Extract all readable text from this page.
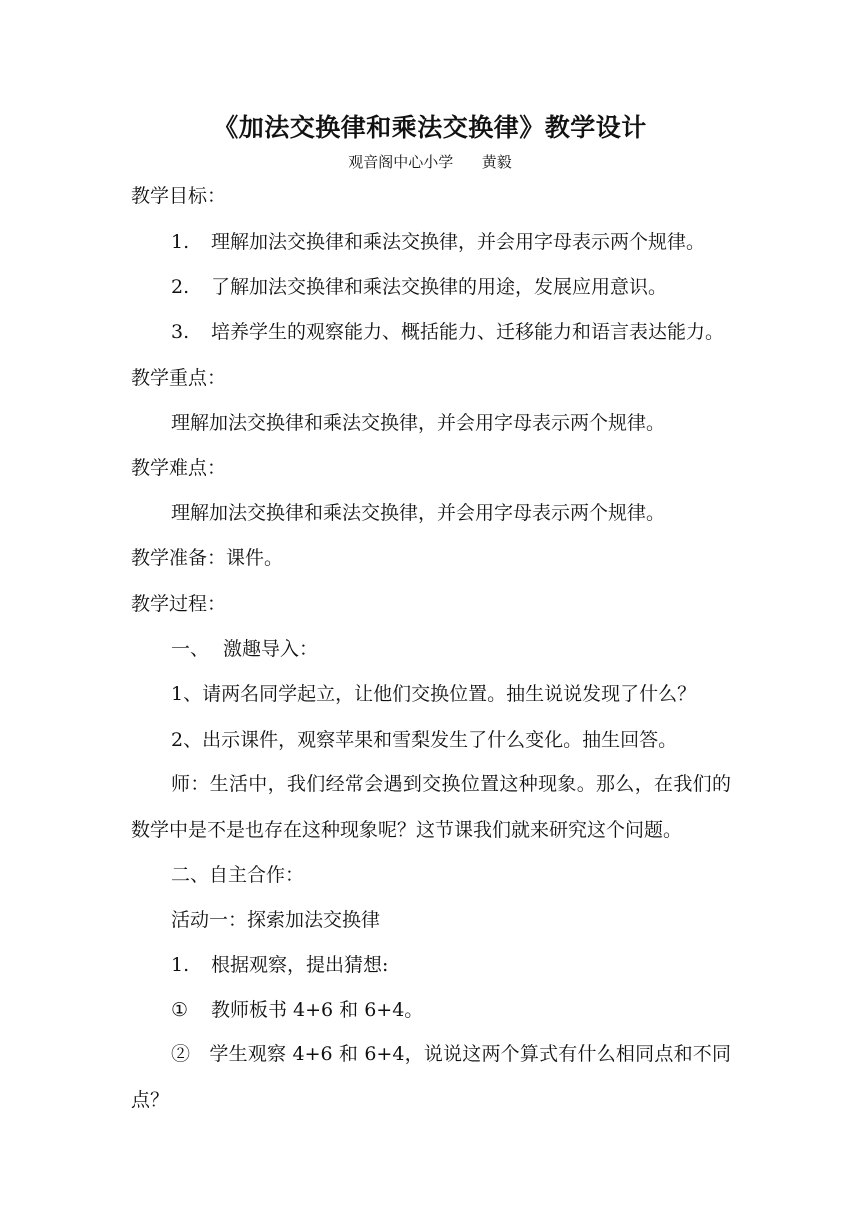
《加法交换律和乘法交换律》教学设计

观音阁中心小学      黄毅

教学目标：

1. 理解加法交换律和乘法交换律，并会用字母表示两个规律。

2. 了解加法交换律和乘法交换律的用途，发展应用意识。

3. 培养学生的观察能力、概括能力、迁移能力和语言表达能力。

教学重点：

理解加法交换律和乘法交换律，并会用字母表示两个规律。

教学难点：

理解加法交换律和乘法交换律，并会用字母表示两个规律。

教学准备：课件。

教学过程：

一、 激趣导入：

1、请两名同学起立，让他们交换位置。抽生说说发现了什么？

2、出示课件，观察苹果和雪梨发生了什么变化。抽生回答。

师：生活中，我们经常会遇到交换位置这种现象。那么，在我们的数学中是不是也存在这种现象呢？这节课我们就来研究这个问题。

二、自主合作：

活动一：探索加法交换律

1. 根据观察，提出猜想:

① 教师板书 4+6 和 6+4。

②　学生观察 4+6 和 6+4，说说这两个算式有什么相同点和不同点？
